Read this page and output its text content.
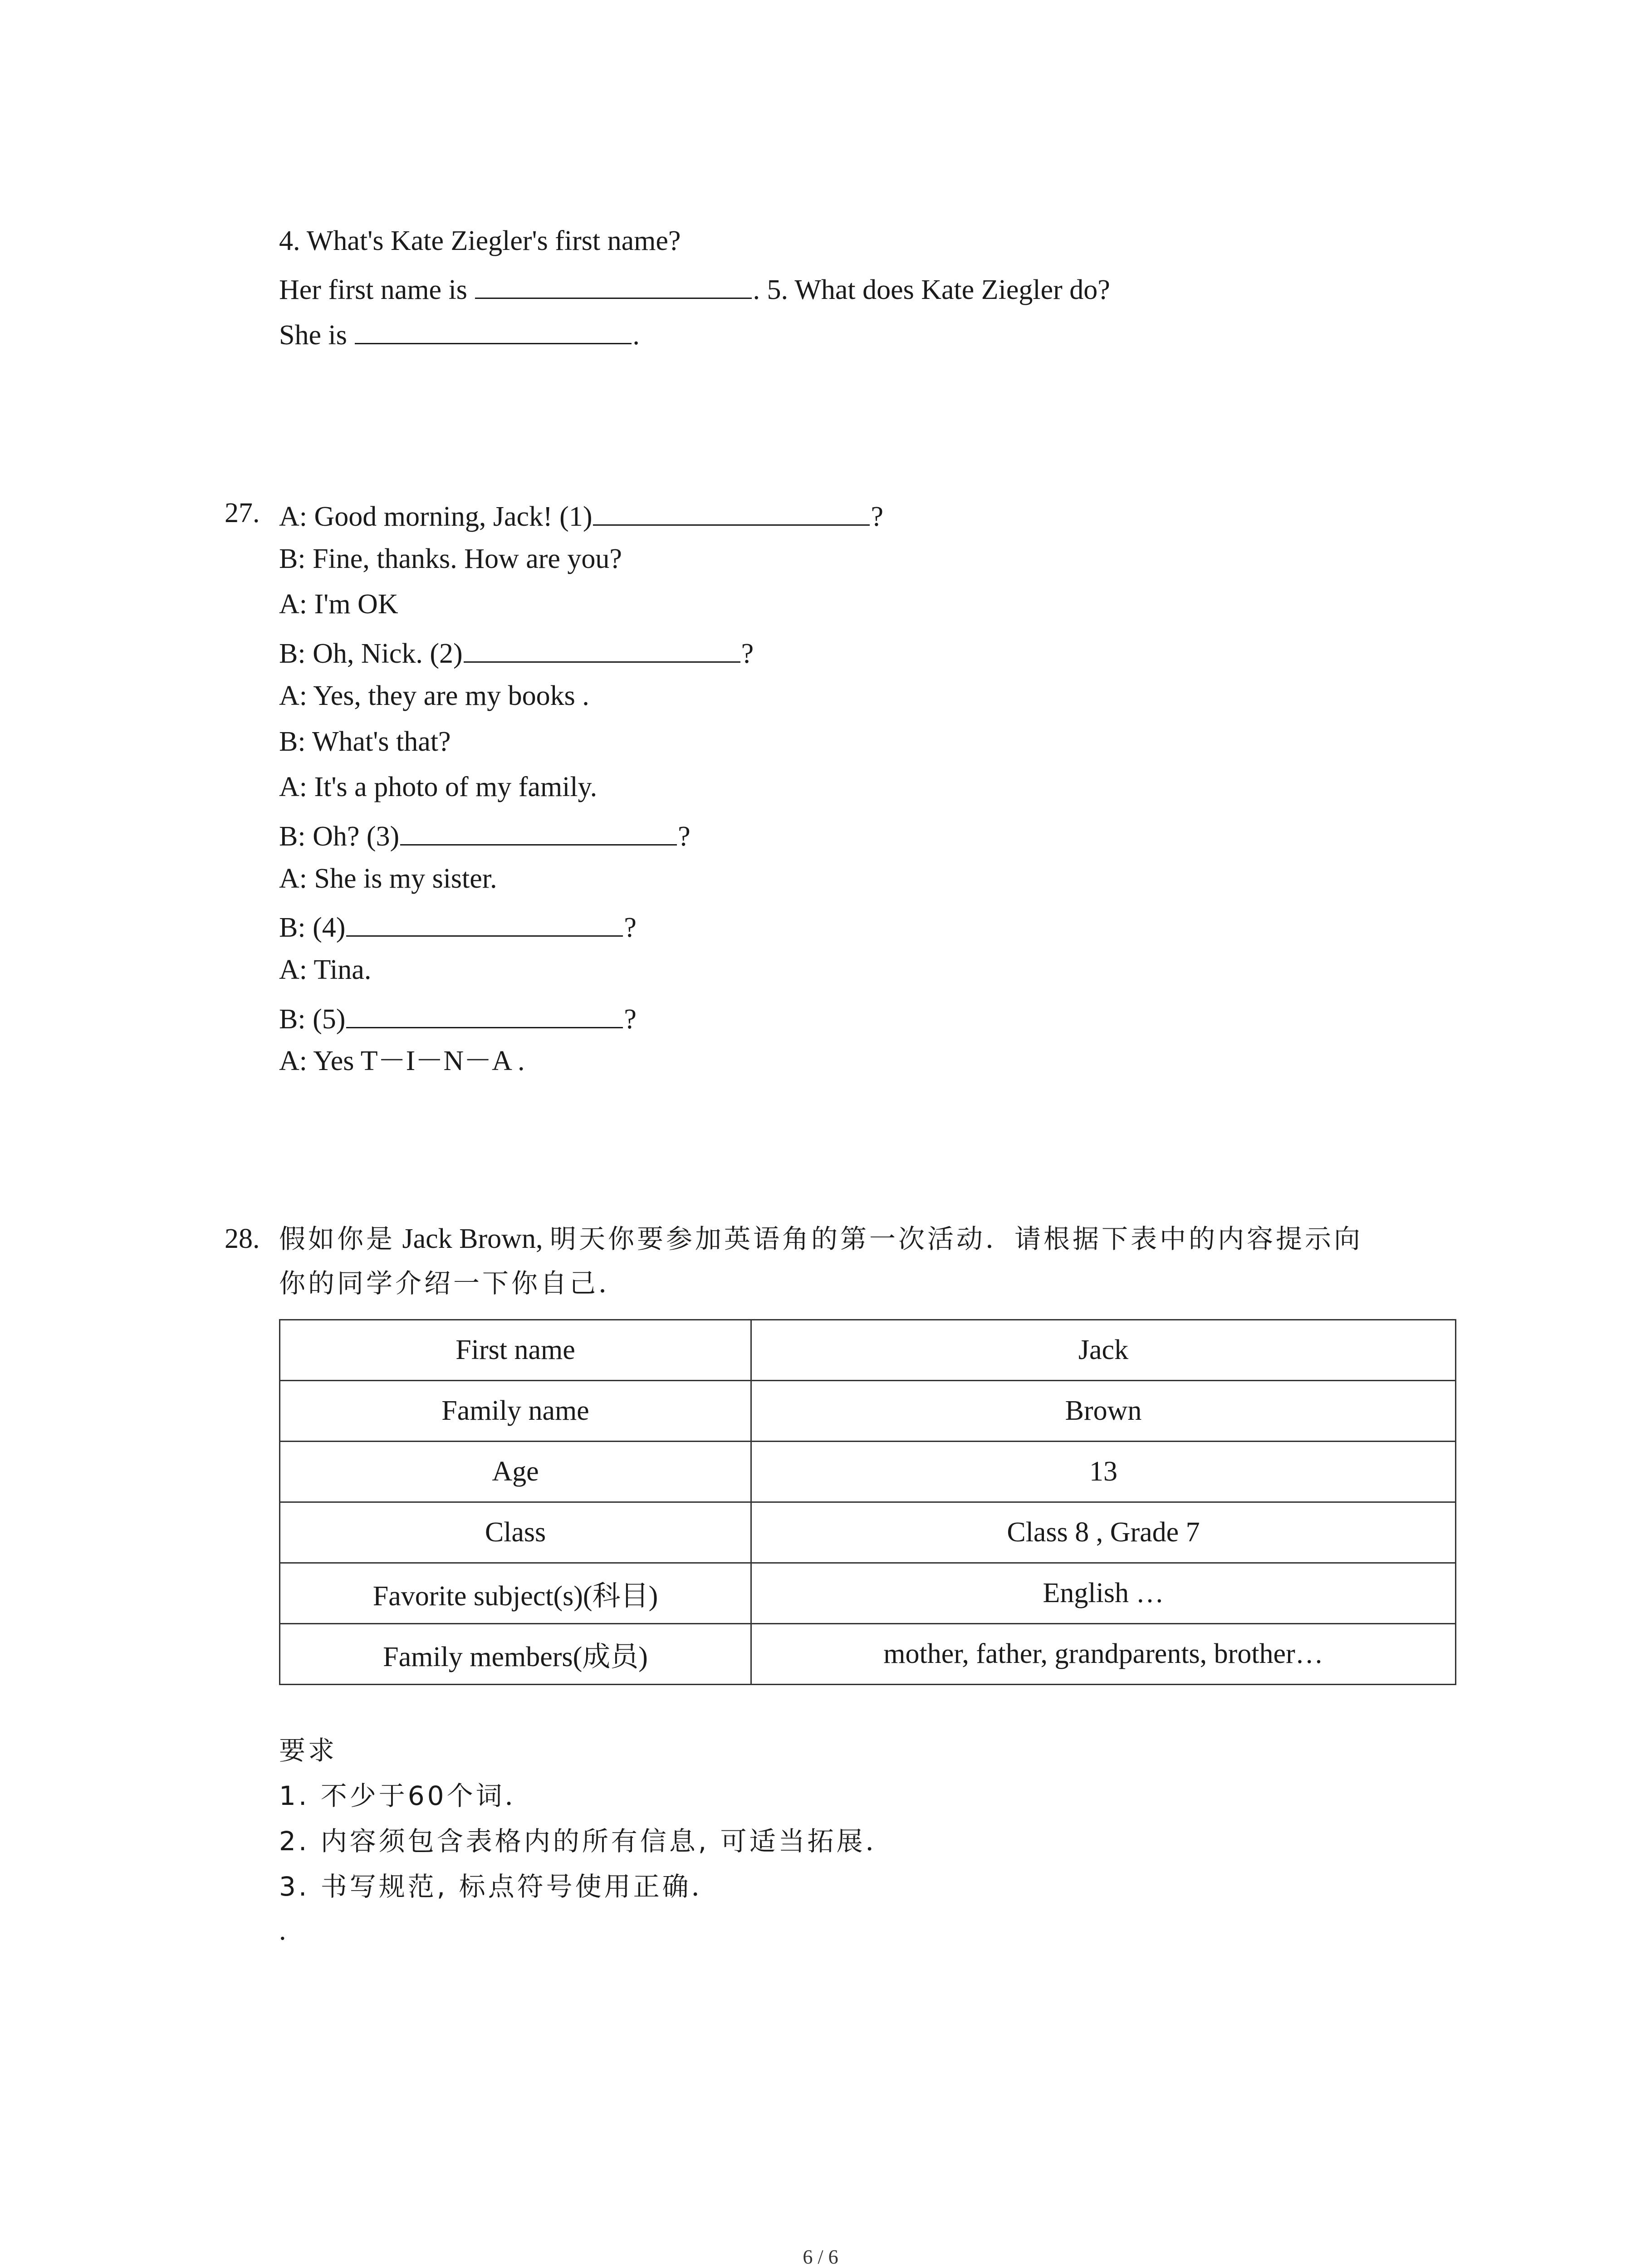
4. What's Kate Ziegler's first name?
Her first name is	. 5. What does Kate Ziegler do?
She is	.
27. A: Good morning, Jack! (1)	?
B: Fine, thanks. How are you?
A: I'm OK
B: Oh, Nick. (2)	?
A: Yes, they are my books .
B: What's that?
A: It's a photo of my family.
B: Oh? (3)	?
A: She is my sister.
B: (4)	?
A: Tina.
B: (5)	?
A: Yes T－I－N－A .
28. 假如你是 Jack Brown, 明天你要参加英语角的第一次活动．请根据下表中的内容提示向
你的同学介绍一下你自己．
First name	Jack
Family name	Brown
Age	13
Class	Class 8 , Grade 7
Favorite subject(s)(科目)	English …
Family members(成员)	mother, father, grandparents, brother…
要求
1. 不少于60个词．
2. 内容须包含表格内的所有信息, 可适当拓展．
3. 书写规范, 标点符号使用正确．
.
6 / 6
